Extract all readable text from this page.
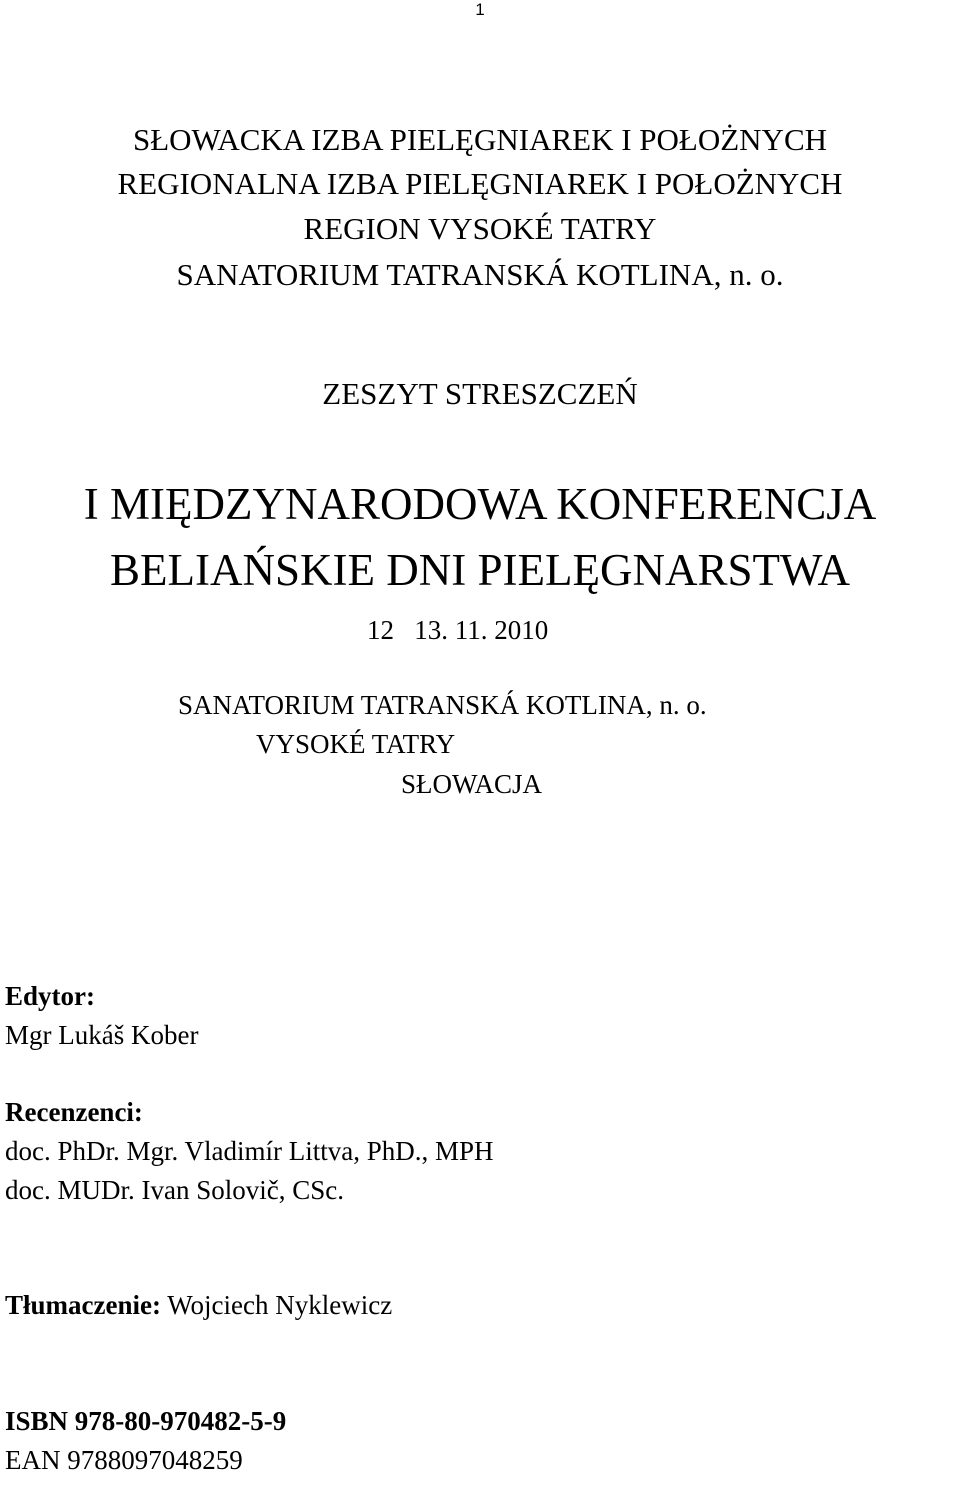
1
SŁOWACKA IZBA PIELĘGNIAREK I POŁOŻNYCH
REGIONALNA IZBA PIELĘGNIAREK I POŁOŻNYCH
REGION VYSOKÉ TATRY
SANATORIUM TATRANSKÁ KOTLINA, n. o.
ZESZYT STRESZCZEŃ
I MIĘDZYNARODOWA KONFERENCJA
BELIAŃSKIE DNI PIELĘGNARSTWA
12   13. 11. 2010
SANATORIUM TATRANSKÁ KOTLINA, n. o.
VYSOKÉ TATRY
SŁOWACJA
Edytor:
Mgr Lukáš Kober
Recenzenci:
doc. PhDr. Mgr. Vladimír Littva, PhD., MPH
doc. MUDr. Ivan Solovič, CSc.
Tłumaczenie: Wojciech Nyklewicz
ISBN 978-80-970482-5-9
EAN 9788097048259
